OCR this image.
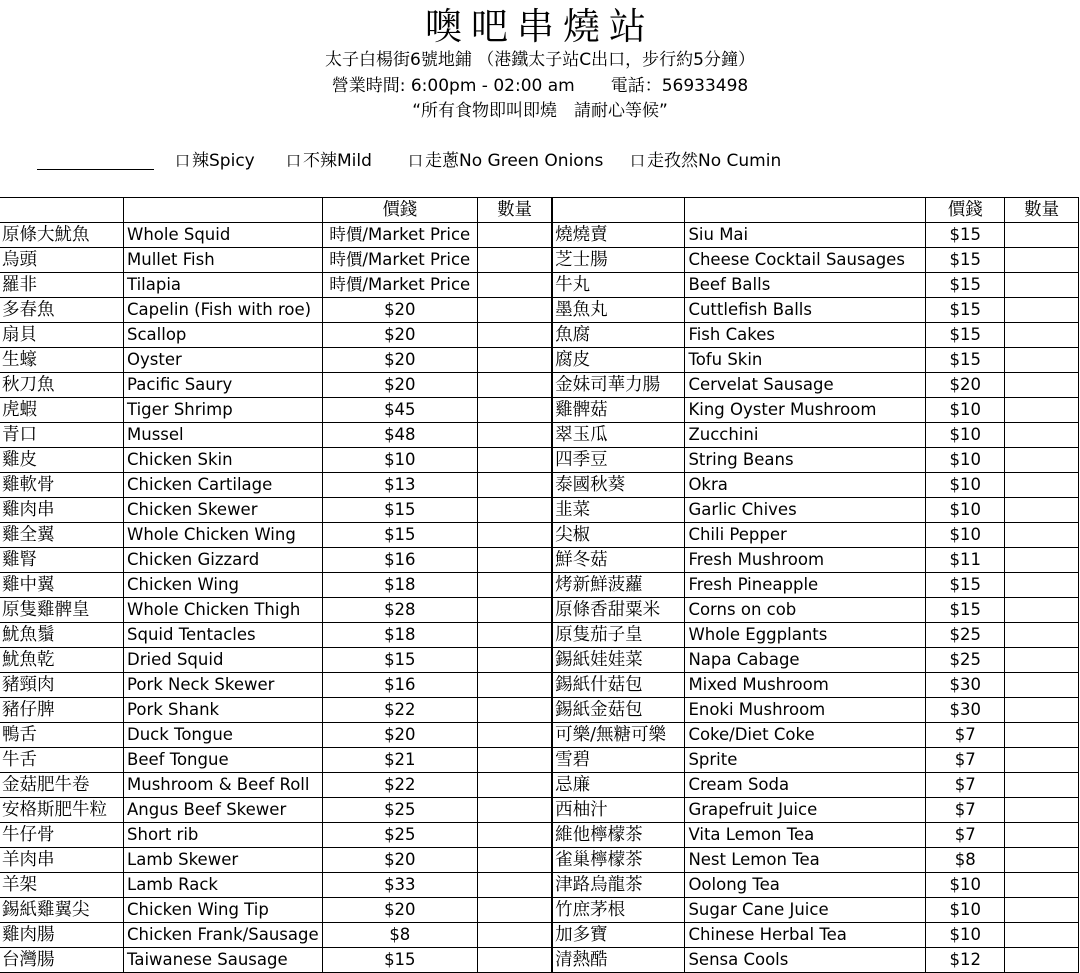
噢吧串燒站
太子白楊街6號地鋪 （港鐵太子站C出口，步行約5分鐘）
營業時間: 6:00pm - 02:00 am 電話：56933498
“所有食物即叫即燒　請耐心等候”
口 辣Spicy 口 不辣Mild 口 走蔥No Green Onions 口 走孜然No Cumin
		價錢	數量			價錢	數量
原條大魷魚	Whole Squid	時價/Market Price		燒燒賣	Siu Mai	$15	
烏頭	Mullet Fish	時價/Market Price		芝士腸	Cheese Cocktail Sausages	$15	
羅非	Tilapia	時價/Market Price		牛丸	Beef Balls	$15	
多春魚	Capelin (Fish with roe)	$20		墨魚丸	Cuttlefish Balls	$15	
扇貝	Scallop	$20		魚腐	Fish Cakes	$15	
生蠔	Oyster	$20		腐皮	Tofu Skin	$15	
秋刀魚	Pacific Saury	$20		金妹司華力腸	Cervelat Sausage	$20	
虎蝦	Tiger Shrimp	$45		雞髀菇	King Oyster Mushroom	$10	
青口	Mussel	$48		翠玉瓜	Zucchini	$10	
雞皮	Chicken Skin	$10		四季豆	String Beans	$10	
雞軟骨	Chicken Cartilage	$13		泰國秋葵	Okra	$10	
雞肉串	Chicken Skewer	$15		韭菜	Garlic Chives	$10	
雞全翼	Whole Chicken Wing	$15		尖椒	Chili Pepper	$10	
雞腎	Chicken Gizzard	$16		鮮冬菇	Fresh Mushroom	$11	
雞中翼	Chicken Wing	$18		烤新鮮菠蘿	Fresh Pineapple	$15	
原隻雞髀皇	Whole Chicken Thigh	$28		原條香甜粟米	Corns on cob	$15	
魷魚鬚	Squid Tentacles	$18		原隻茄子皇	Whole Eggplants	$25	
魷魚乾	Dried Squid	$15		錫紙娃娃菜	Napa Cabage	$25	
豬頸肉	Pork Neck Skewer	$16		錫紙什菇包	Mixed Mushroom	$30	
豬仔脾	Pork Shank	$22		錫紙金菇包	Enoki Mushroom	$30	
鴨舌	Duck Tongue	$20		可樂/無糖可樂	Coke/Diet Coke	$7	
牛舌	Beef Tongue	$21		雪碧	Sprite	$7	
金菇肥牛卷	Mushroom & Beef Roll	$22		忌廉	Cream Soda	$7	
安格斯肥牛粒	Angus Beef Skewer	$25		西柚汁	Grapefruit Juice	$7	
牛仔骨	Short rib	$25		維他檸檬茶	Vita Lemon Tea	$7	
羊肉串	Lamb Skewer	$20		雀巢檸檬茶	Nest Lemon Tea	$8	
羊架	Lamb Rack	$33		津路烏龍茶	Oolong Tea	$10	
錫紙雞翼尖	Chicken Wing Tip	$20		竹庶茅根	Sugar Cane Juice	$10	
雞肉腸	Chicken Frank/Sausage	$8		加多寶	Chinese Herbal Tea	$10	
台灣腸	Taiwanese Sausage	$15		清熱酷	Sensa Cools	$12	
